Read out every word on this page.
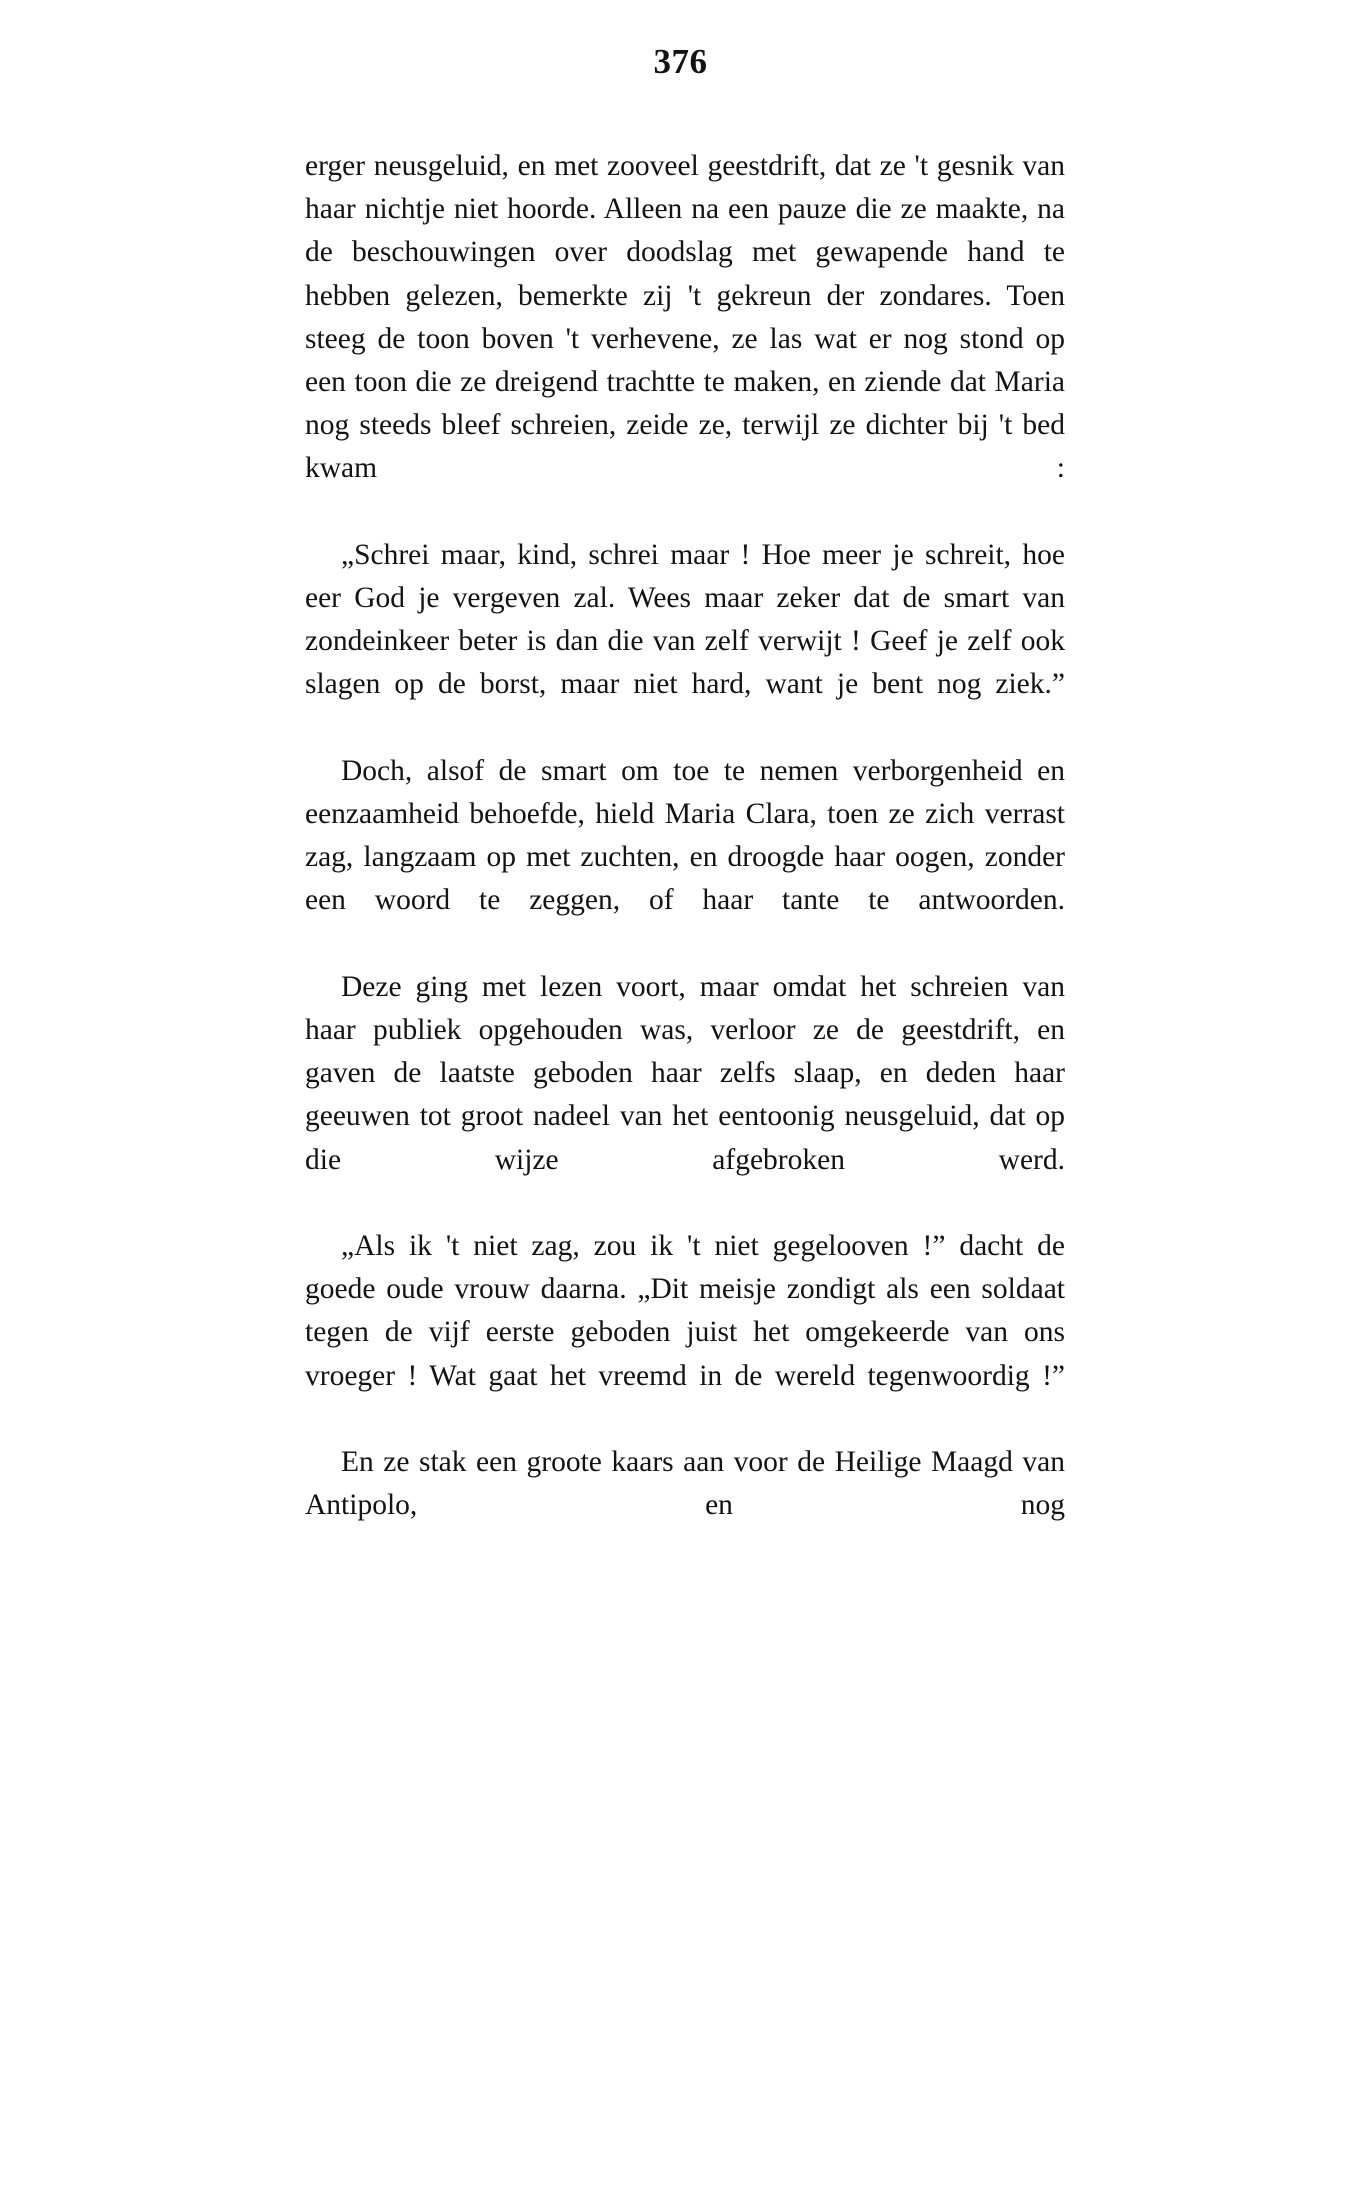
376

erger neusgeluid, en met zooveel geestdrift, dat ze 't gesnik van haar nichtje niet hoorde. Alleen na een pauze die ze maakte, na de beschouwingen over doodslag met gewapende hand te hebben gelezen, bemerkte zij 't gekreun der zondares. Toen steeg de toon boven 't verhevene, ze las wat er nog stond op een toon die ze dreigend trachtte te maken, en ziende dat Maria nog steeds bleef schreien, zeide ze, terwijl ze dichter bij 't bed kwam :

„Schrei maar, kind, schrei maar ! Hoe meer je schreit, hoe eer God je vergeven zal. Wees maar zeker dat de smart van zondeinkeer beter is dan die van zelf verwijt ! Geef je zelf ook slagen op de borst, maar niet hard, want je bent nog ziek.”

Doch, alsof de smart om toe te nemen verborgenheid en eenzaamheid behoefde, hield Maria Clara, toen ze zich verrast zag, langzaam op met zuchten, en droogde haar oogen, zonder een woord te zeggen, of haar tante te antwoorden.

Deze ging met lezen voort, maar omdat het schreien van haar publiek opgehouden was, verloor ze de geestdrift, en gaven de laatste geboden haar zelfs slaap, en deden haar geeuwen tot groot nadeel van het eentoonig neusgeluid, dat op die wijze afgebroken werd.

„Als ik 't niet zag, zou ik 't niet gegelooven !” dacht de goede oude vrouw daarna. „Dit meisje zondigt als een soldaat tegen de vijf eerste geboden juist het omgekeerde van ons vroeger ! Wat gaat het vreemd in de wereld tegenwoordig !”

En ze stak een groote kaars aan voor de Heilige Maagd van Antipolo, en nog
